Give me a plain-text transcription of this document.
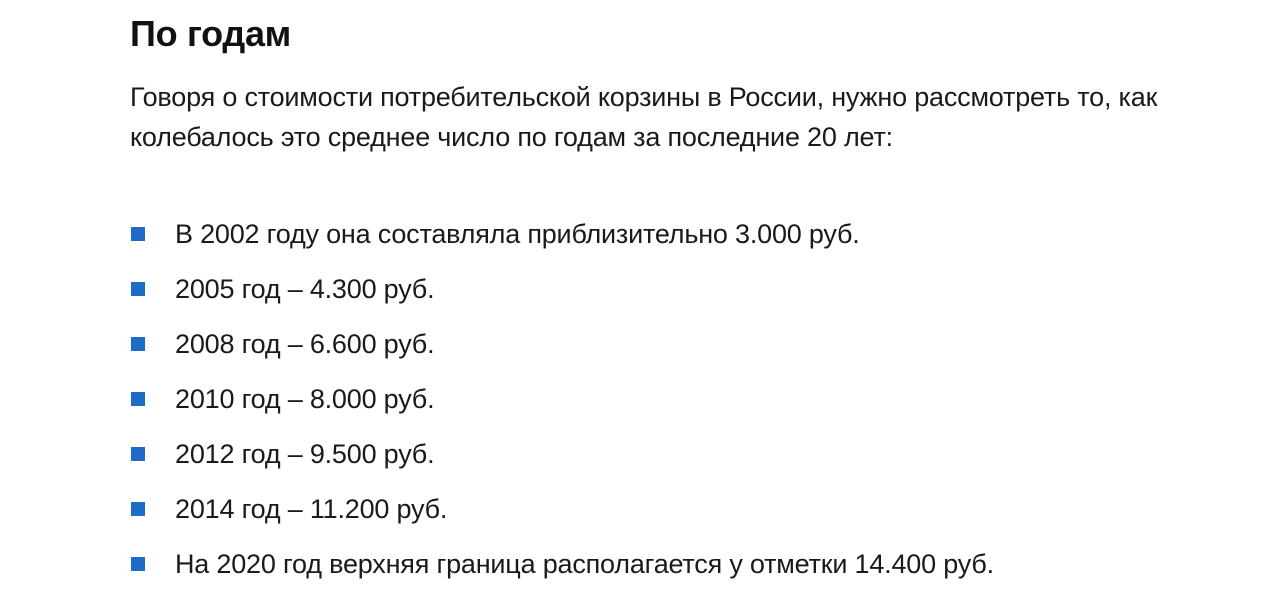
По годам

Говоря о стоимости потребительской корзины в России, нужно рассмотреть то, как колебалось это среднее число по годам за последние 20 лет:

В 2002 году она составляла приблизительно 3.000 руб.
2005 год – 4.300 руб.
2008 год – 6.600 руб.
2010 год – 8.000 руб.
2012 год – 9.500 руб.
2014 год – 11.200 руб.
На 2020 год верхняя граница располагается у отметки 14.400 руб.
